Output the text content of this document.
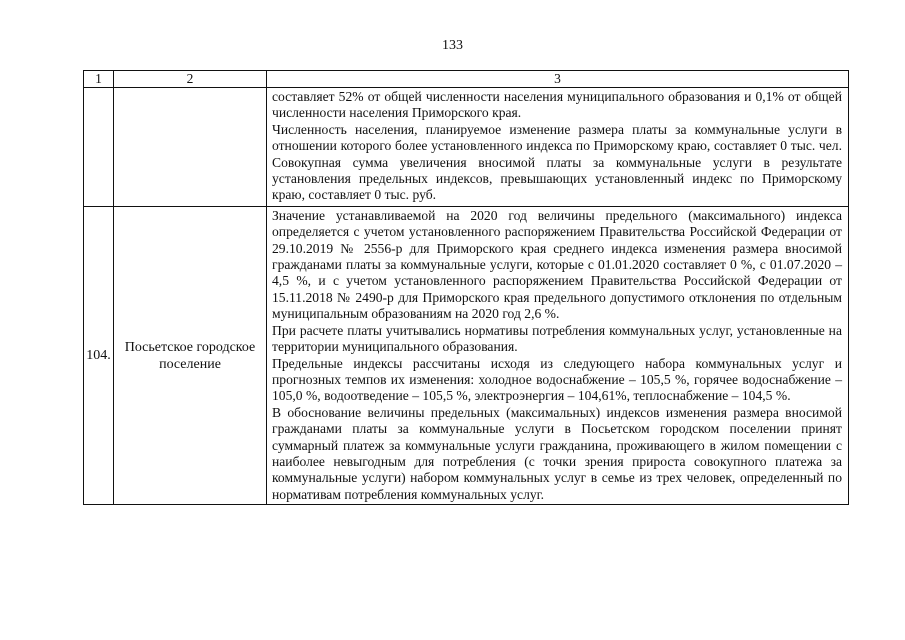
133
1	2	3

		составляет 52% от общей численности населения муниципального образования и 0,1% от общей численности населения Приморского края.

Численность населения, планируемое изменение размера платы за коммунальные услуги в отношении которого более установленного индекса по Приморскому краю, составляет 0 тыс. чел. Совокупная сумма увеличения вносимой платы за коммунальные услуги в результате установления предельных индексов, превышающих установленный индекс по Приморскому краю, составляет 0 тыс. руб.

104.	Посьетское городское поселение	Значение устанавливаемой на 2020 год величины предельного (максимального) индекса определяется с учетом установленного распоряжением Правительства Российской Федерации от 29.10.2019 № 2556-р для Приморского края среднего индекса изменения размера вносимой гражданами платы за коммунальные услуги, которые с 01.01.2020 составляет 0 %, с 01.07.2020 – 4,5 %, и с учетом установленного распоряжением Правительства Российской Федерации от 15.11.2018 № 2490-р для Приморского края предельного допустимого отклонения по отдельным муниципальным образованиям на 2020 год 2,6 %.

При расчете платы учитывались нормативы потребления коммунальных услуг, установленные на территории муниципального образования.

Предельные индексы рассчитаны исходя из следующего набора коммунальных услуг и прогнозных темпов их изменения: холодное водоснабжение – 105,5 %, горячее водоснабжение – 105,0 %, водоотведение – 105,5 %, электроэнергия – 104,61%, теплоснабжение – 104,5 %.

В обоснование величины предельных (максимальных) индексов изменения размера вносимой гражданами платы за коммунальные услуги в Посьетском городском поселении принят суммарный платеж за коммунальные услуги гражданина, проживающего в жилом помещении с наиболее невыгодным для потребления (с точки зрения прироста совокупного платежа за коммунальные услуги) набором коммунальных услуг в семье из трех человек, определенный по нормативам потребления коммунальных услуг.
